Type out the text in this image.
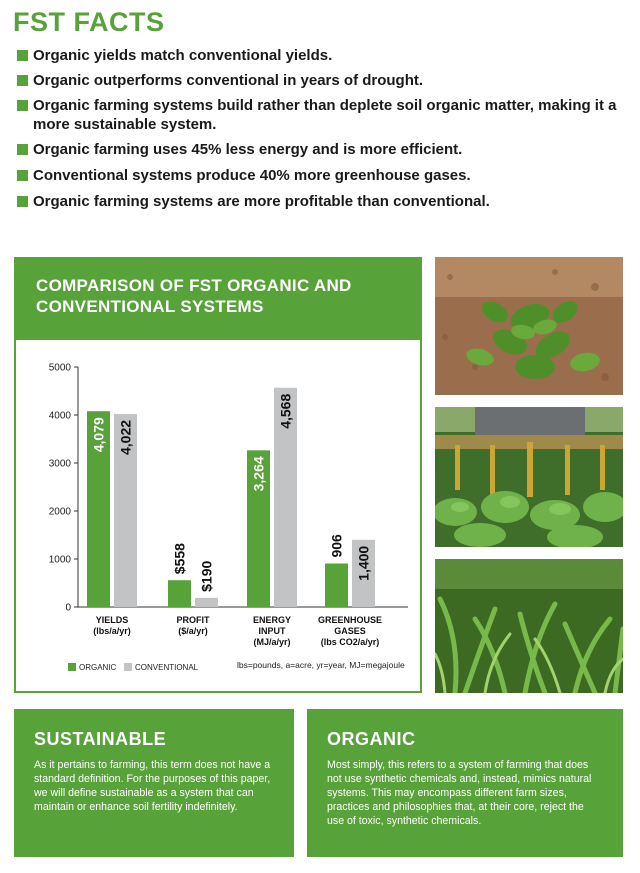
FST FACTS
Organic yields match conventional yields.
Organic outperforms conventional in years of drought.
Organic farming systems build rather than deplete soil organic matter, making it a more sustainable system.
Organic farming uses 45% less energy and is more efficient.
Conventional systems produce 40% more greenhouse gases.
Organic farming systems are more profitable than conventional.
COMPARISON OF FST ORGANIC AND
CONVENTIONAL SYSTEMS
0
1000
2000
3000
4000
5000
4,079 4,022
YIELDS
(lbs/a/yr)
$558
$190
PROFIT
($/a/yr)
3,264
4,568
ENERGY
INPUT
(MJ/a/yr)
906 1,400
GREENHOUSE
GASES
(lbs CO2/a/yr)
ORGANIC CONVENTIONAL	lbs=pounds, a=acre, yr=year, MJ=megajoule
SUSTAINABLE
As it pertains to farming, this term does not have a standard definition. For the purposes of this paper, we will define sustainable as a system that can maintain or enhance soil fertility indefinitely.
ORGANIC
Most simply, this refers to a system of farming that does not use synthetic chemicals and, instead, mimics natural systems. This may encompass different farm sizes, practices and philosophies that, at their core, reject the use of toxic, synthetic chemicals.
